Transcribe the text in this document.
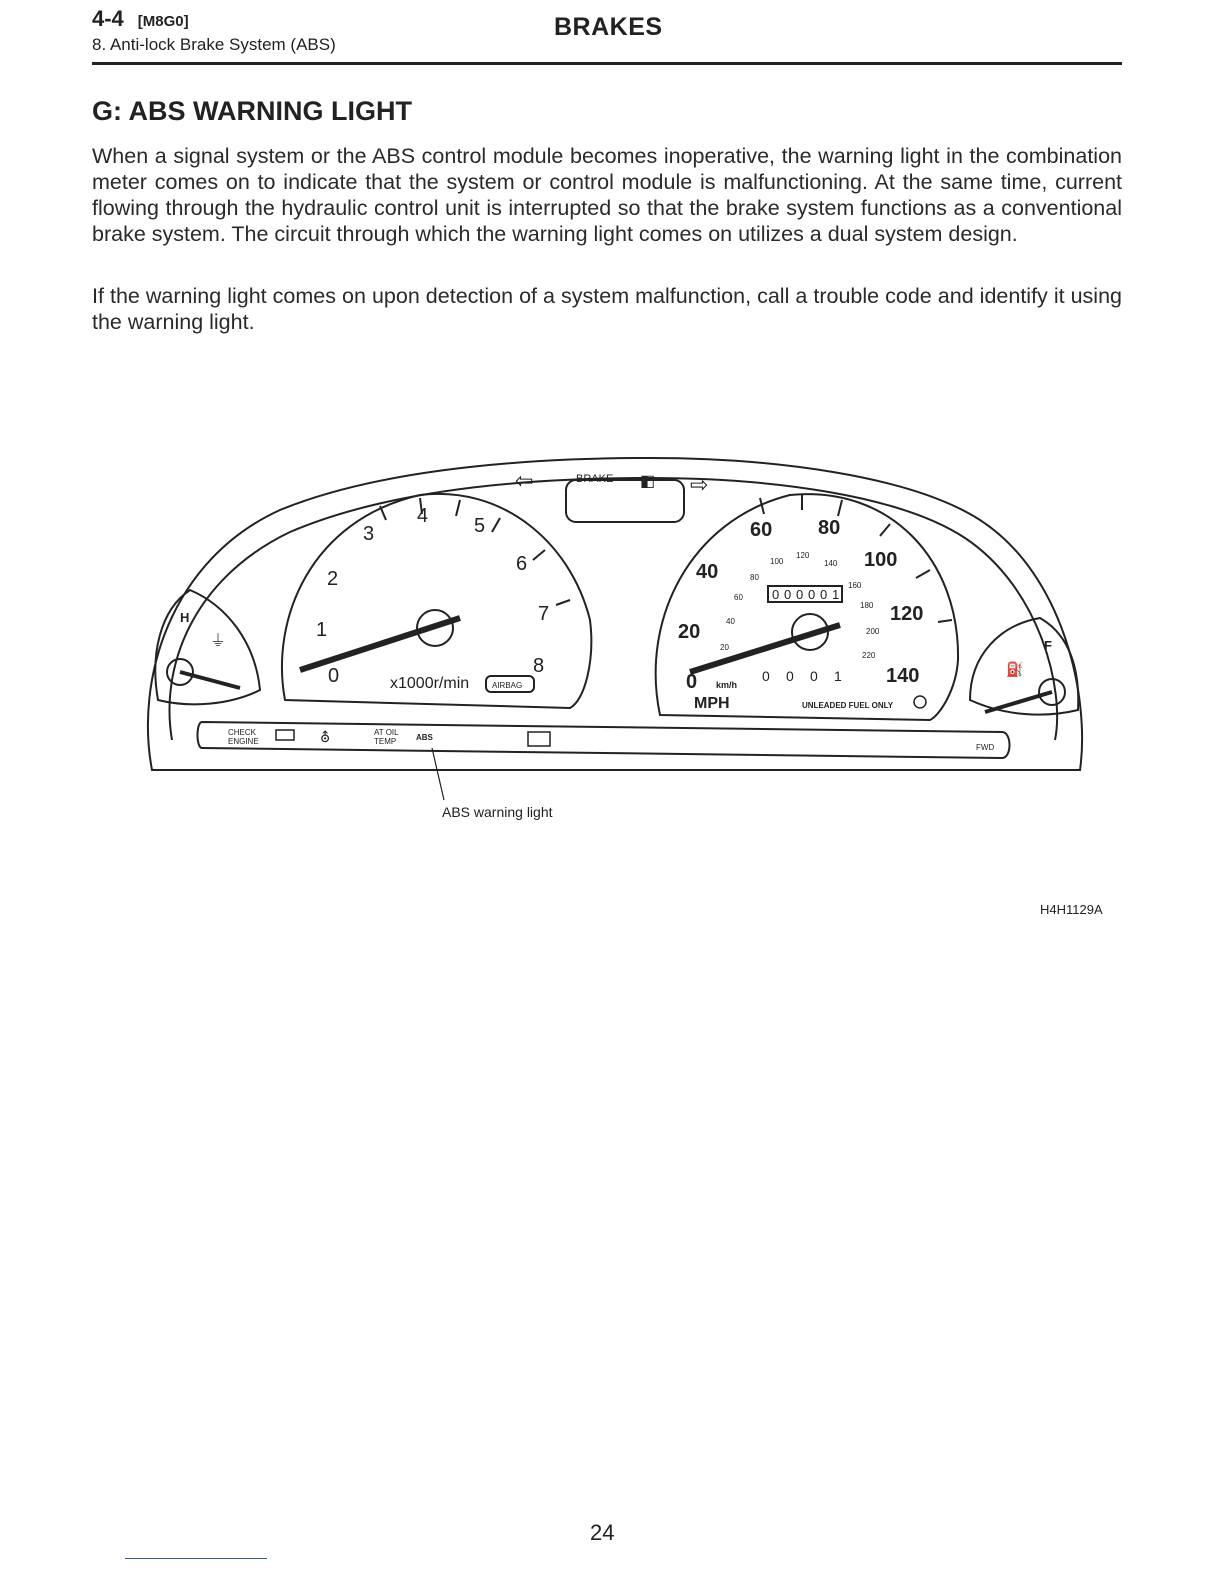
4-4 [M8G0]
8. Anti-lock Brake System (ABS)
BRAKES
G: ABS WARNING LIGHT
When a signal system or the ABS control module becomes inoperative, the warning light in the combination meter comes on to indicate that the system or control module is malfunctioning. At the same time, current flowing through the hydraulic control unit is interrupted so that the brake system functions as a conventional brake system. The circuit through which the warning light comes on utilizes a dual system design.
If the warning light comes on upon detection of a system malfunction, call a trouble code and identify it using the warning light.
H
⏚
0
1
2
3
4 5
6
7
8
x1000r/min	AIRBAG
BRAKE
⇦	⇨
◧
0
20
40
60 80
100
120
140
20
40
60
80
100
120
140
160
180
200
220
0 0 0 0 0 1
0 0 0 1
km/h
MPH	UNLEADED FUEL ONLY
F
⛽
CHECK
ENGINE	⛢	AT OIL
TEMP ABS
FWD
ABS warning light
H4H1129A
24
